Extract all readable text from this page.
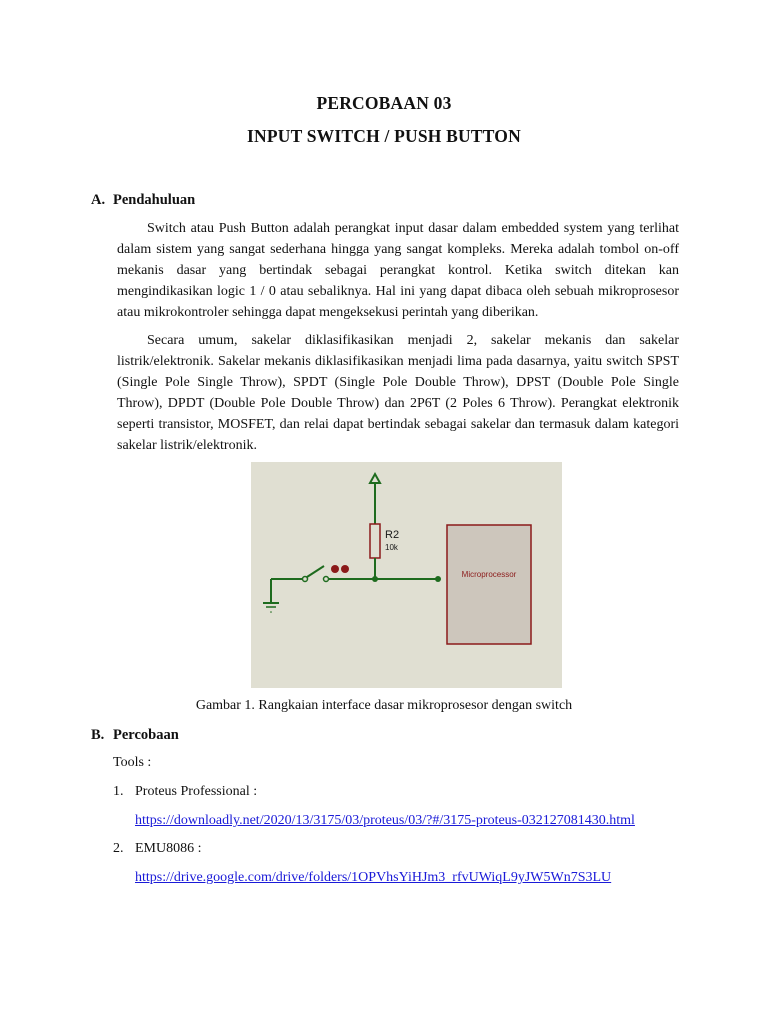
PERCOBAAN 03
INPUT SWITCH / PUSH BUTTON
A. Pendahuluan

Switch atau Push Button adalah perangkat input dasar dalam embedded system yang terlihat dalam sistem yang sangat sederhana hingga yang sangat kompleks. Mereka adalah tombol on-off mekanis dasar yang bertindak sebagai perangkat kontrol. Ketika switch ditekan kan mengindikasikan logic 1 / 0 atau sebaliknya. Hal ini yang dapat dibaca oleh sebuah mikroprosesor atau mikrokontroler sehingga dapat mengeksekusi perintah yang diberikan.

Secara umum, sakelar diklasifikasikan menjadi 2, sakelar mekanis dan sakelar listrik/elektronik. Sakelar mekanis diklasifikasikan menjadi lima pada dasarnya, yaitu switch SPST (Single Pole Single Throw), SPDT (Single Pole Double Throw), DPST (Double Pole Single Throw), DPDT (Double Pole Double Throw) dan 2P6T (2 Poles 6 Throw). Perangkat elektronik seperti transistor, MOSFET, dan relai dapat bertindak sebagai sakelar dan termasuk dalam kategori sakelar listrik/elektronik.

R2
10k
Microprocessor
Gambar 1. Rangkaian interface dasar mikroprosesor dengan switch
B. Percobaan
Tools :
1. Proteus Professional :
https://downloadly.net/2020/13/3175/03/proteus/03/?#/3175-proteus-032127081430.html
2. EMU8086 :
https://drive.google.com/drive/folders/1OPVhsYiHJm3_rfvUWiqL9yJW5Wn7S3LU
